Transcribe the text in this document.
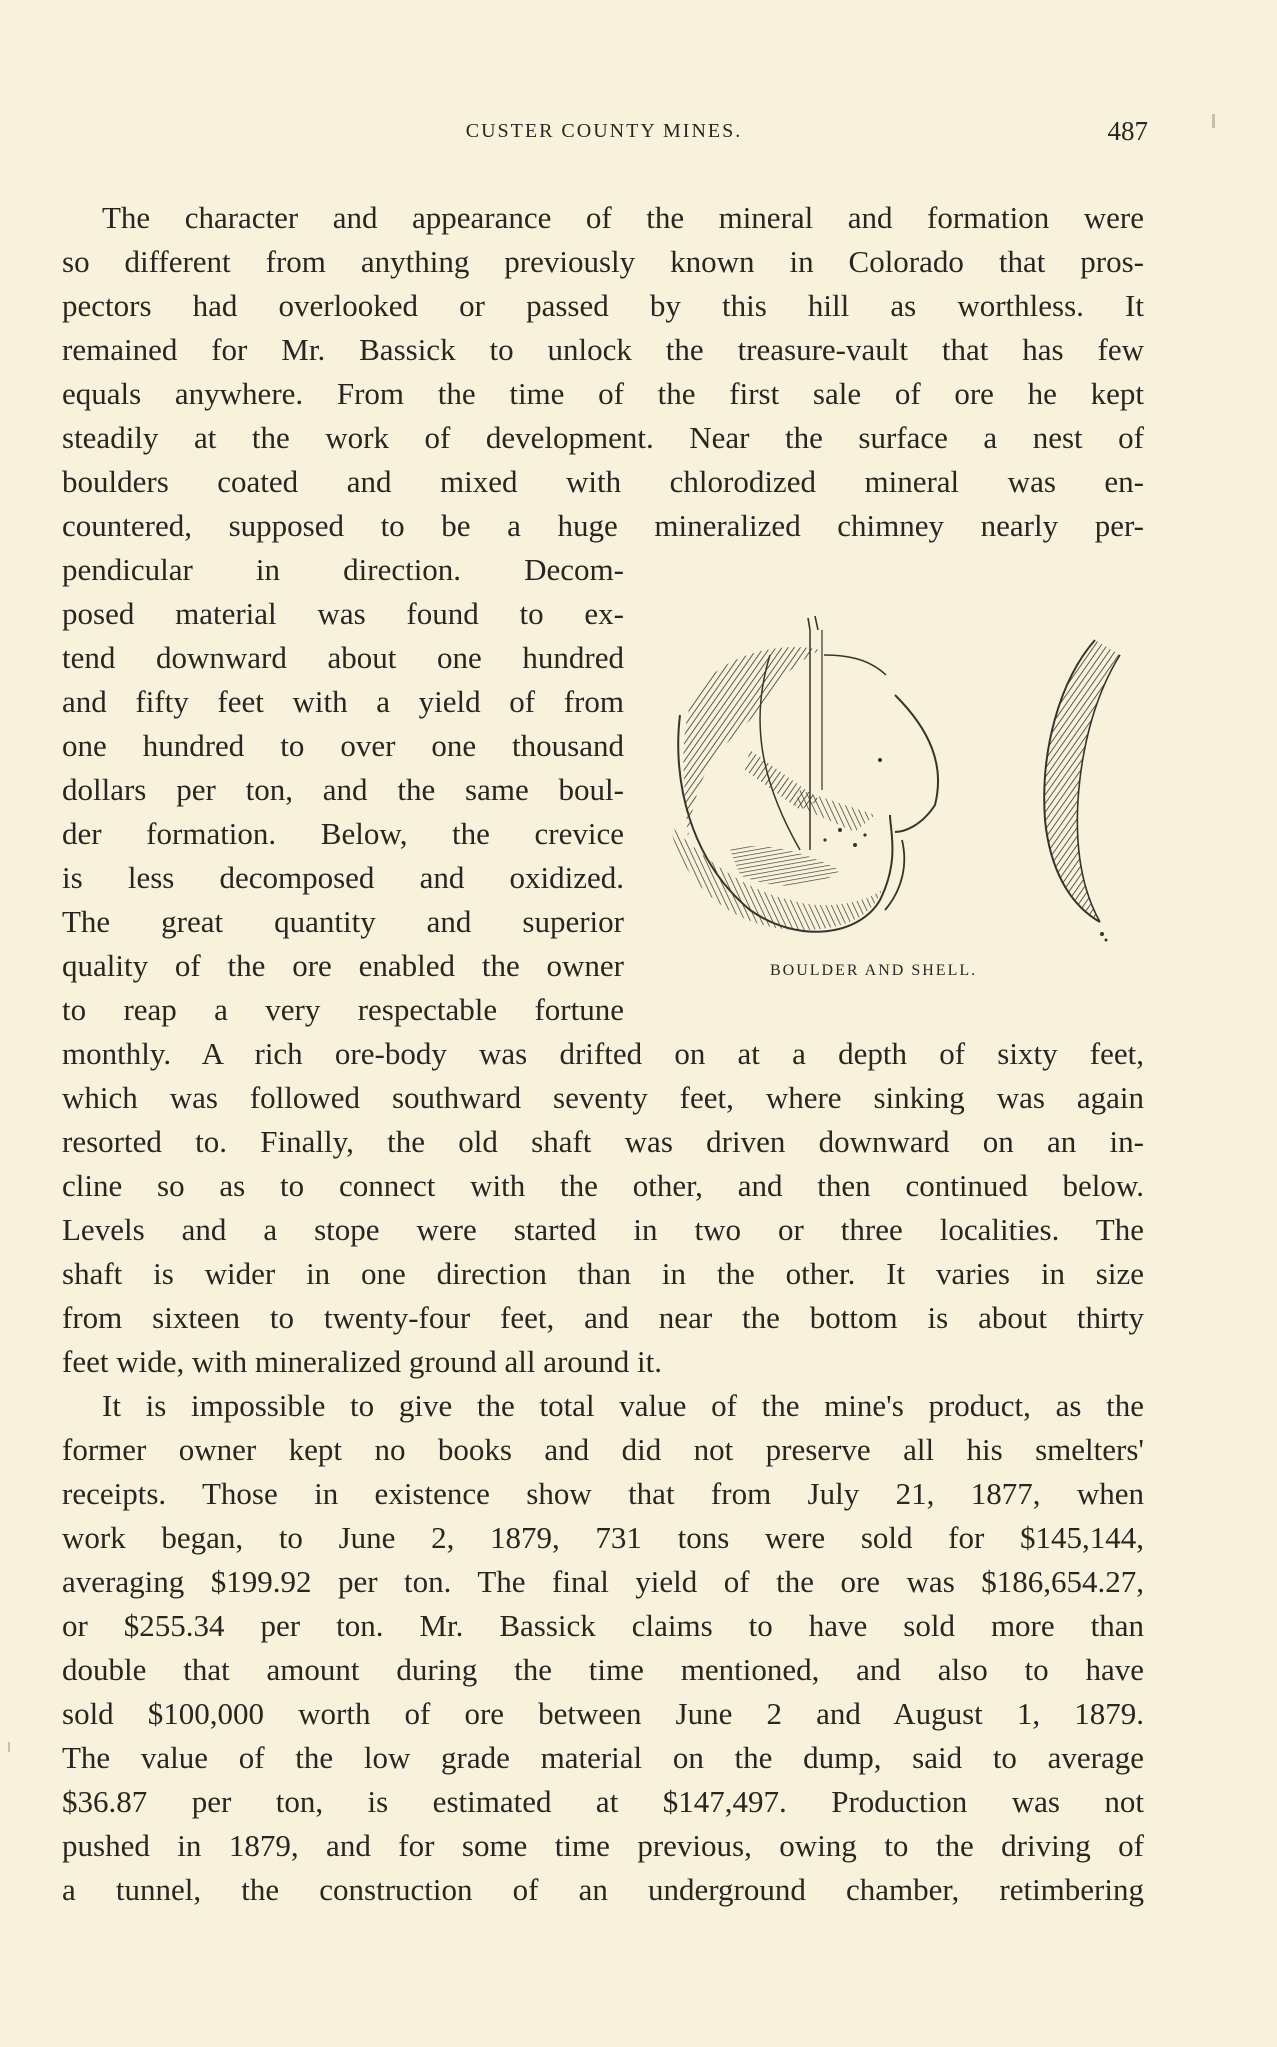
CUSTER COUNTY MINES.	487
The character and appearance of the mineral and formation were
so different from anything previously known in Colorado that pros-
pectors had overlooked or passed by this hill as worthless. It
remained for Mr. Bassick to unlock the treasure-vault that has few
equals anywhere. From the time of the first sale of ore he kept
steadily at the work of development. Near the surface a nest of
boulders coated and mixed with chlorodized mineral was en-
countered, supposed to be a huge mineralized chimney nearly per-
pendicular in direction. Decom-
posed material was found to ex-
tend downward about one hundred
and fifty feet with a yield of from
one hundred to over one thousand
dollars per ton, and the same boul-
der formation. Below, the crevice
is less decomposed and oxidized.
The great quantity and superior
quality of the ore enabled the owner
to reap a very respectable fortune
BOULDER AND SHELL.
monthly. A rich ore-body was drifted on at a depth of sixty feet,
which was followed southward seventy feet, where sinking was again
resorted to. Finally, the old shaft was driven downward on an in-
cline so as to connect with the other, and then continued below.
Levels and a stope were started in two or three localities. The
shaft is wider in one direction than in the other. It varies in size
from sixteen to twenty-four feet, and near the bottom is about thirty
feet wide, with mineralized ground all around it.
It is impossible to give the total value of the mine's product, as the
former owner kept no books and did not preserve all his smelters'
receipts. Those in existence show that from July 21, 1877, when
work began, to June 2, 1879, 731 tons were sold for $145,144,
averaging $199.92 per ton. The final yield of the ore was $186,654.27,
or $255.34 per ton. Mr. Bassick claims to have sold more than
double that amount during the time mentioned, and also to have
sold $100,000 worth of ore between June 2 and August 1, 1879.
The value of the low grade material on the dump, said to average
$36.87 per ton, is estimated at $147,497. Production was not
pushed in 1879, and for some time previous, owing to the driving of
a tunnel, the construction of an underground chamber, retimbering
